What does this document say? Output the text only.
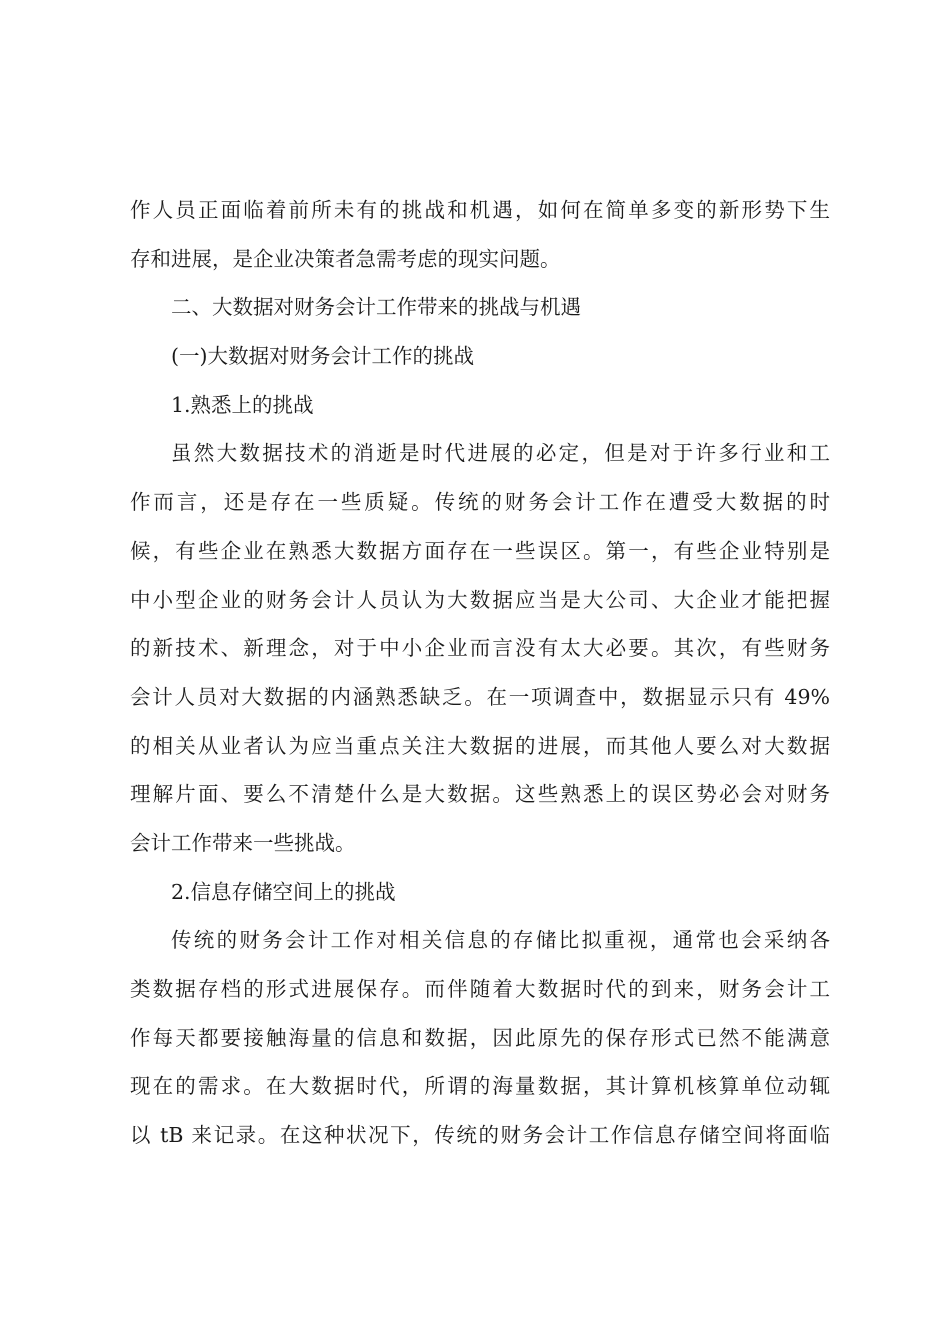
作人员正面临着前所未有的挑战和机遇，如何在简单多变的新形势下生
存和进展，是企业决策者急需考虑的现实问题。
二、大数据对财务会计工作带来的挑战与机遇
(一)大数据对财务会计工作的挑战
1.熟悉上的挑战
虽然大数据技术的消逝是时代进展的必定，但是对于许多行业和工
作而言，还是存在一些质疑。传统的财务会计工作在遭受大数据的时
候，有些企业在熟悉大数据方面存在一些误区。第一，有些企业特别是
中小型企业的财务会计人员认为大数据应当是大公司、大企业才能把握
的新技术、新理念，对于中小企业而言没有太大必要。其次，有些财务
会计人员对大数据的内涵熟悉缺乏。在一项调查中，数据显示只有 49%
的相关从业者认为应当重点关注大数据的进展，而其他人要么对大数据
理解片面、要么不清楚什么是大数据。这些熟悉上的误区势必会对财务
会计工作带来一些挑战。
2.信息存储空间上的挑战
传统的财务会计工作对相关信息的存储比拟重视，通常也会采纳各
类数据存档的形式进展保存。而伴随着大数据时代的到来，财务会计工
作每天都要接触海量的信息和数据，因此原先的保存形式已然不能满意
现在的需求。在大数据时代，所谓的海量数据，其计算机核算单位动辄
以 tB 来记录。在这种状况下，传统的财务会计工作信息存储空间将面临
